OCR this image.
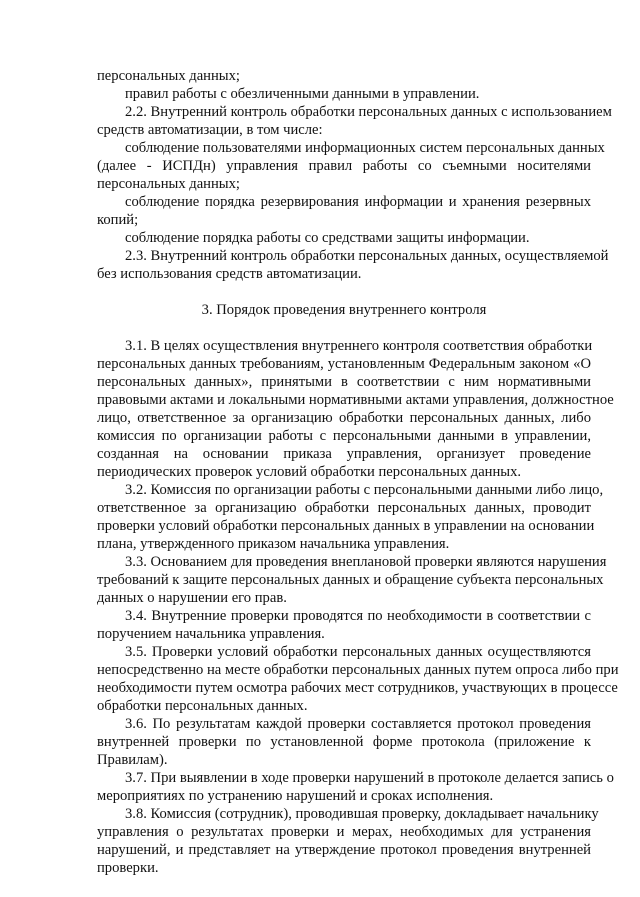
персональных данных;
правил работы с обезличенными данными в управлении.
2.2. Внутренний контроль обработки персональных данных с использованием
средств автоматизации, в том числе:
соблюдение пользователями информационных систем персональных данных
(далее - ИСПДн) управления правил работы со съемными носителями
персональных данных;
соблюдение порядка резервирования информации и хранения резервных
копий;
соблюдение порядка работы со средствами защиты информации.
2.3. Внутренний контроль обработки персональных данных, осуществляемой
без использования средств автоматизации.
3. Порядок проведения внутреннего контроля
3.1. В целях осуществления внутреннего контроля соответствия обработки
персональных данных требованиям, установленным Федеральным законом «О
персональных данных», принятыми в соответствии с ним нормативными
правовыми актами и локальными нормативными актами управления, должностное
лицо, ответственное за организацию обработки персональных данных, либо
комиссия по организации работы с персональными данными в управлении,
созданная на основании приказа управления, организует проведение
периодических проверок условий обработки персональных данных.
3.2. Комиссия по организации работы с персональными данными либо лицо,
ответственное за организацию обработки персональных данных, проводит
проверки условий обработки персональных данных в управлении на основании
плана, утвержденного приказом начальника управления.
3.3. Основанием для проведения внеплановой проверки являются нарушения
требований к защите персональных данных и обращение субъекта персональных
данных о нарушении его прав.
3.4. Внутренние проверки проводятся по необходимости в соответствии с
поручением начальника управления.
3.5. Проверки условий обработки персональных данных осуществляются
непосредственно на месте обработки персональных данных путем опроса либо при
необходимости путем осмотра рабочих мест сотрудников, участвующих в процессе
обработки персональных данных.
3.6. По результатам каждой проверки составляется протокол проведения
внутренней проверки по установленной форме протокола (приложение к
Правилам).
3.7. При выявлении в ходе проверки нарушений в протоколе делается запись о
мероприятиях по устранению нарушений и сроках исполнения.
3.8. Комиссия (сотрудник), проводившая проверку, докладывает начальнику
управления о результатах проверки и мерах, необходимых для устранения
нарушений, и представляет на утверждение протокол проведения внутренней
проверки.
